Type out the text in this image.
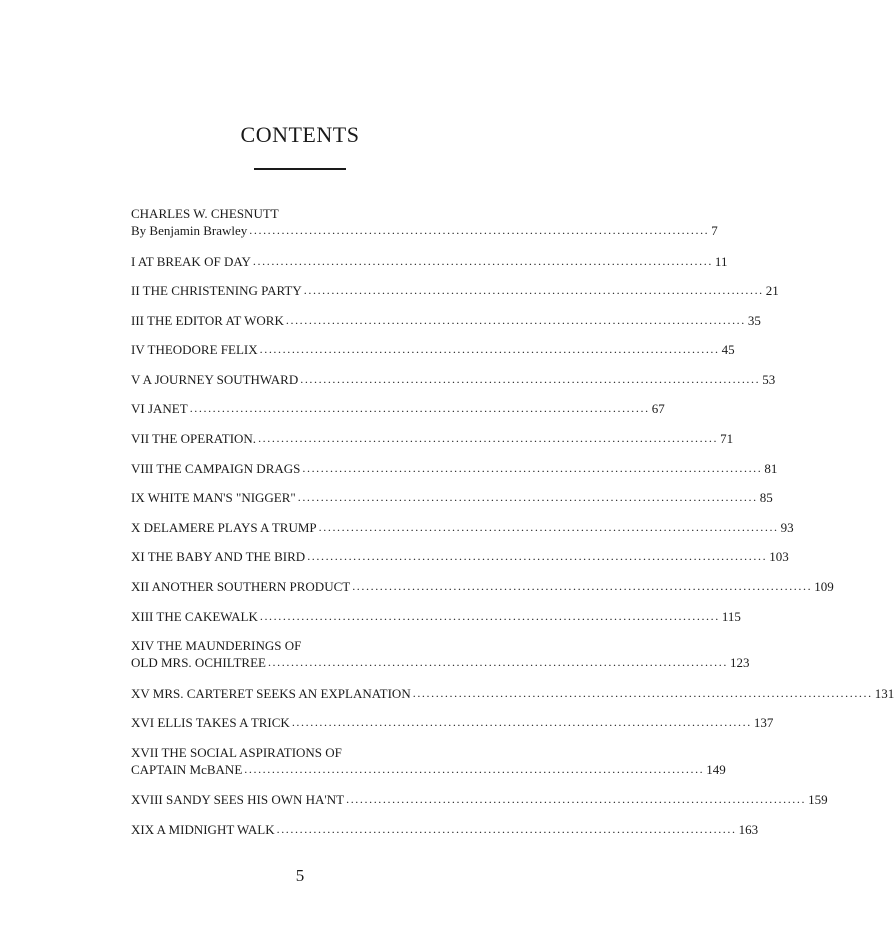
CONTENTS
CHARLES W. CHESNUTT
By Benjamin Brawley .................................................................................................... 7
I AT BREAK OF DAY .................................................................................................... 11
II THE CHRISTENING PARTY .................................................................................................... 21
III THE EDITOR AT WORK .................................................................................................... 35
IV THEODORE FELIX .................................................................................................... 45
V A JOURNEY SOUTHWARD .................................................................................................... 53
VI JANET .................................................................................................... 67
VII THE OPERATION. .................................................................................................... 71
VIII THE CAMPAIGN DRAGS .................................................................................................... 81
IX WHITE MAN'S "NIGGER" .................................................................................................... 85
X DELAMERE PLAYS A TRUMP .................................................................................................... 93
XI THE BABY AND THE BIRD .................................................................................................... 103
XII ANOTHER SOUTHERN PRODUCT .................................................................................................... 109
XIII THE CAKEWALK .................................................................................................... 115
XIV THE MAUNDERINGS OF
OLD MRS. OCHILTREE .................................................................................................... 123
XV MRS. CARTERET SEEKS AN EXPLANATION .................................................................................................... 131
XVI ELLIS TAKES A TRICK .................................................................................................... 137
XVII THE SOCIAL ASPIRATIONS OF
CAPTAIN McBANE .................................................................................................... 149
XVIII SANDY SEES HIS OWN HA'NT .................................................................................................... 159
XIX A MIDNIGHT WALK .................................................................................................... 163
5
